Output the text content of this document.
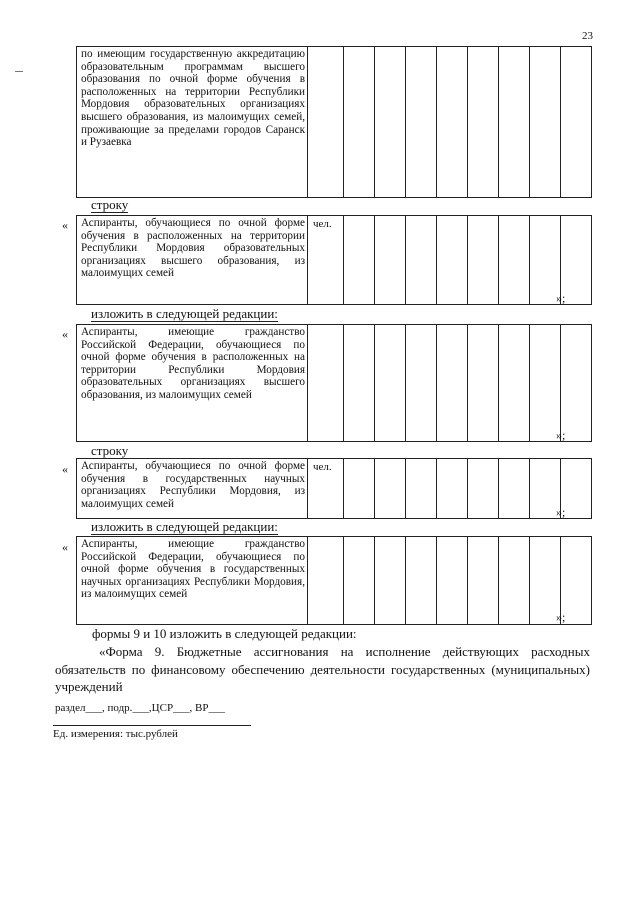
23
по имеющим государственную аккредитацию образовательным программам высшего образования по очной форме обучения в расположенных на территории Республики Мордовия образовательных организациях высшего образования, из малоимущих семей, проживающие за пределами городов Саранск и Рузаевка									
строку
« Аспиранты, обучающиеся по очной форме обучения в расположенных на территории Республики Мордовия образовательных организациях высшего образования, из малоимущих семей	чел.								
»;
изложить в следующей редакции:
« Аспиранты, имеющие гражданство Российской Федерации, обучающиеся по очной форме обучения в расположенных на территории Республики Мордовия образовательных организациях высшего образования, из малоимущих семей									
»;
строку
« Аспиранты, обучающиеся по очной форме обучения в государственных научных организациях Республики Мордовия, из малоимущих семей	чел.								
»;
изложить в следующей редакции:
« Аспиранты, имеющие гражданство Российской Федерации, обучающиеся по очной форме обучения в государственных научных организациях Республики Мордовия, из малоимущих семей									
»;
формы 9 и 10 изложить в следующей редакции:
«Форма 9. Бюджетные ассигнования на исполнение действующих расходных обязательств по финансовому обеспечению деятельности государственных (муниципальных) учреждений
раздел___, подр.___,ЦСР___, ВР___
Ед. измерения: тыс.рублей
